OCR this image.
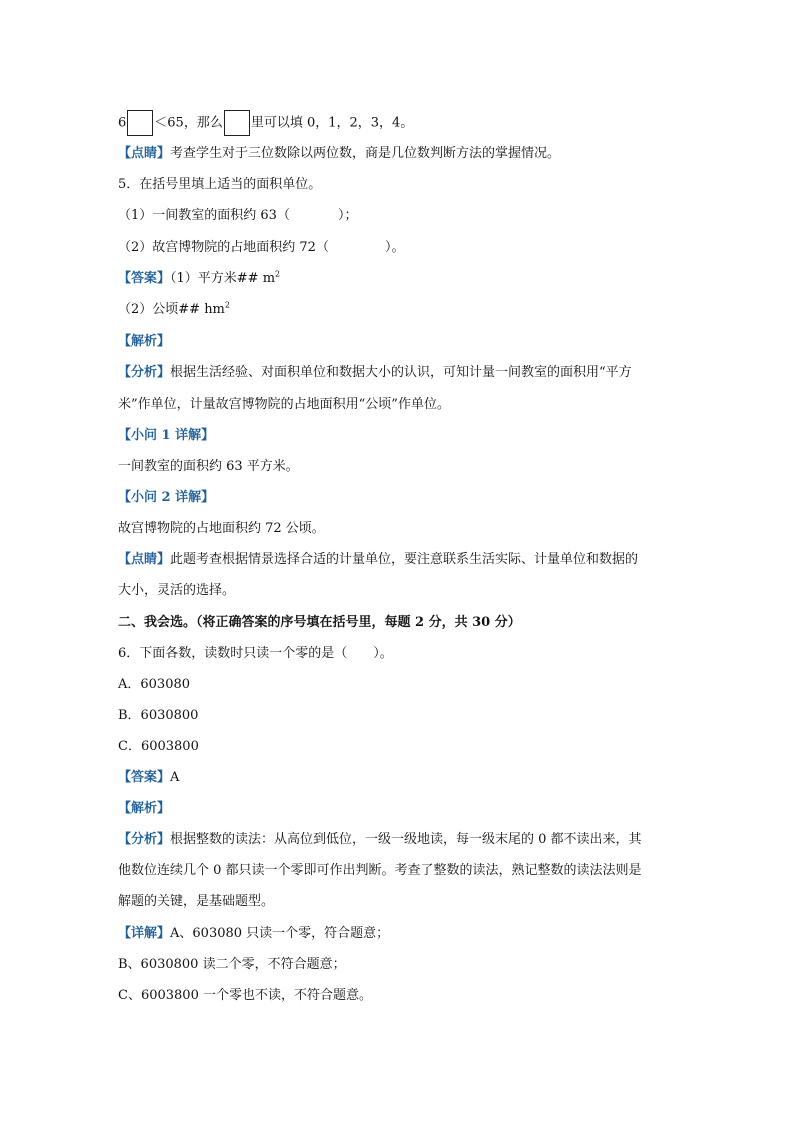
6 ＜65，那么 里可以填 0，1，2，3，4。
【点睛】考查学生对于三位数除以两位数，商是几位数判断方法的掌握情况。
5．在括号里填上适当的面积单位。
（1）一间教室的面积约 63（	）；
（2）故宫博物院的占地面积约 72（	）。
【答案】（1）平方米## $m^2$
（2）公顷## $hm^2$
【解析】
【分析】根据生活经验、对面积单位和数据大小的认识，可知计量一间教室的面积用“平方
米”作单位，计量故宫博物院的占地面积用“公顷”作单位。
【小问 1 详解】
一间教室的面积约 63 平方米。
【小问 2 详解】
故宫博物院的占地面积约 72 公顷。
【点睛】此题考查根据情景选择合适的计量单位，要注意联系生活实际、计量单位和数据的
大小，灵活的选择。
二、我会选。（将正确答案的序号填在括号里，每题 2 分，共 30 分）
6．下面各数，读数时只读一个零的是（　　）。
A．603080
B．6030800
C．6003800
【答案】A
【解析】
【分析】根据整数的读法：从高位到低位，一级一级地读，每一级末尾的 0 都不读出来，其
他数位连续几个 0 都只读一个零即可作出判断。考查了整数的读法，熟记整数的读法法则是
解题的关键，是基础题型。
【详解】A、603080 只读一个零，符合题意；
B、6030800 读二个零，不符合题意；
C、6003800 一个零也不读，不符合题意。
